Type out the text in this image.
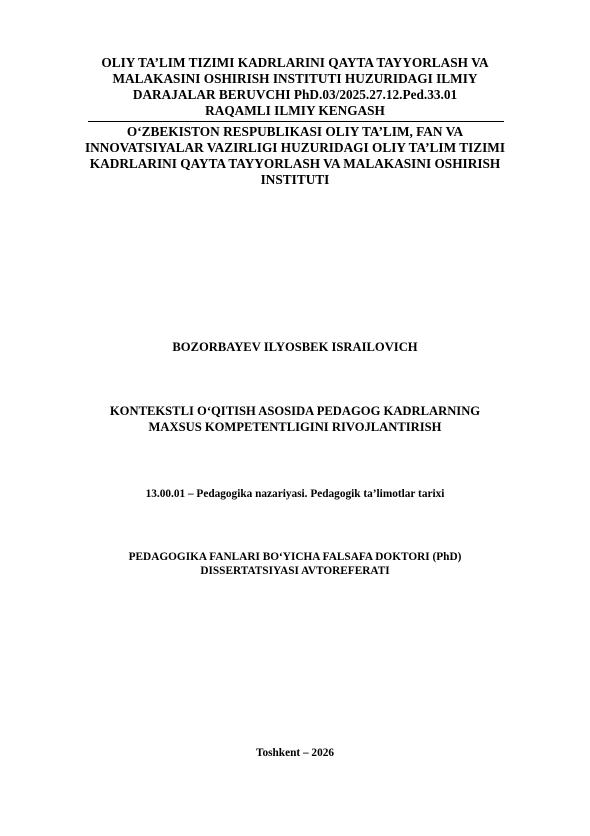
OLIY TA’LIM TIZIMI KADRLARINI QAYTA TAYYORLASH VA
MALAKASINI OSHIRISH INSTITUTI HUZURIDAGI ILMIY
DARAJALAR BERUVCHI PhD.03/2025.27.12.Ped.33.01
RAQAMLI ILMIY KENGASH
O‘ZBEKISTON RESPUBLIKASI OLIY TA’LIM, FAN VA
INNOVATSIYALAR VAZIRLIGI HUZURIDAGI OLIY TA’LIM TIZIMI
KADRLARINI QAYTA TAYYORLASH VA MALAKASINI OSHIRISH
INSTITUTI
BOZORBAYEV ILYOSBEK ISRAILOVICH
KONTEKSTLI O‘QITISH ASOSIDA PEDAGOG KADRLARNING
MAXSUS KOMPETENTLIGINI RIVOJLANTIRISH
13.00.01 – Pedagogika nazariyasi. Pedagogik ta’limotlar tarixi
PEDAGOGIKA FANLARI BO‘YICHA FALSAFA DOKTORI (PhD)
DISSERTATSIYASI AVTOREFERATI
Toshkent – 2026
